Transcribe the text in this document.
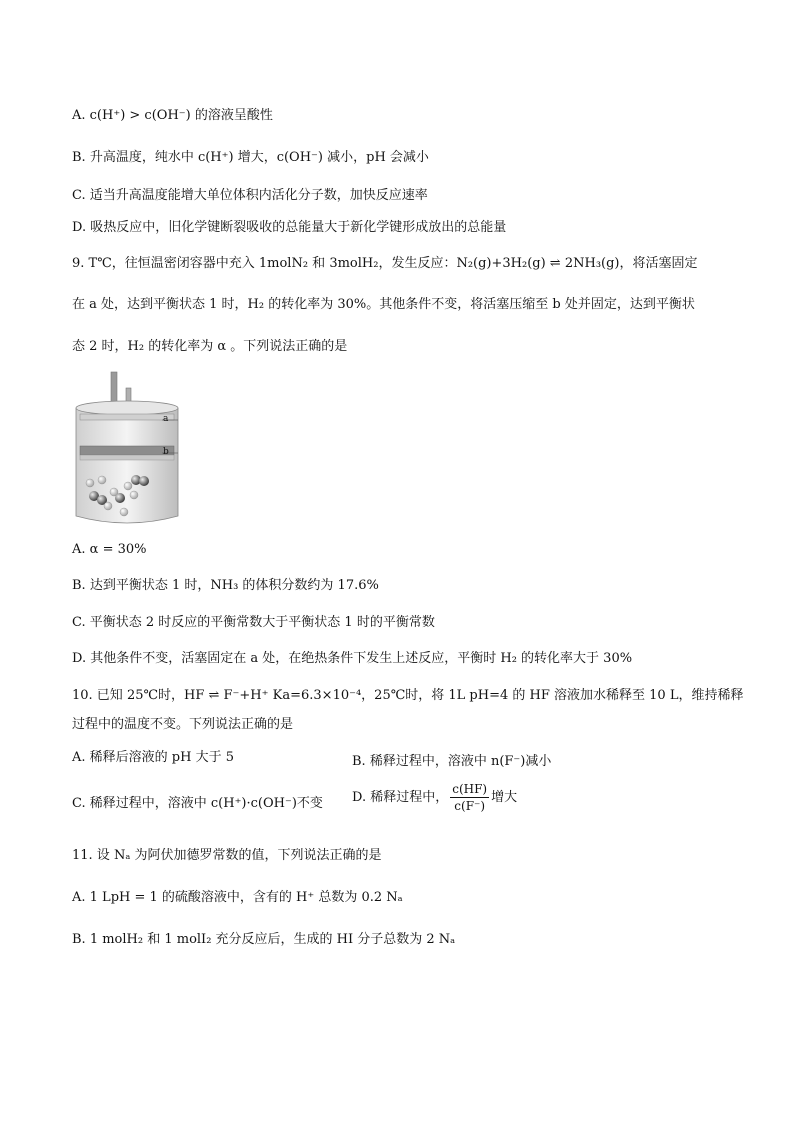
A. c(H⁺) > c(OH⁻) 的溶液呈酸性
B. 升高温度，纯水中 c(H⁺) 增大，c(OH⁻) 减小，pH 会减小
C. 适当升高温度能增大单位体积内活化分子数，加快反应速率
D. 吸热反应中，旧化学键断裂吸收的总能量大于新化学键形成放出的总能量
9. T℃，往恒温密闭容器中充入 1molN₂ 和 3molH₂，发生反应：N₂(g)+3H₂(g) ⇌ 2NH₃(g)，将活塞固定
在 a 处，达到平衡状态 1 时，H₂ 的转化率为 30%。其他条件不变，将活塞压缩至 b 处并固定，达到平衡状
态 2 时，H₂ 的转化率为 α 。下列说法正确的是
a
b
A. α = 30%
B. 达到平衡状态 1 时，NH₃ 的体积分数约为 17.6%
C. 平衡状态 2 时反应的平衡常数大于平衡状态 1 时的平衡常数
D. 其他条件不变，活塞固定在 a 处，在绝热条件下发生上述反应，平衡时 H₂ 的转化率大于 30%
10. 已知 25℃时，HF ⇌ F⁻+H⁺ Ka=6.3×10⁻⁴，25℃时，将 1L pH=4 的 HF 溶液加水稀释至 10 L，维持稀释
过程中的温度不变。下列说法正确的是
A. 稀释后溶液的 pH 大于 5	B. 稀释过程中，溶液中 n(F⁻)减小
C. 稀释过程中，溶液中 c(H⁺)·c(OH⁻)不变 D. 稀释过程中， $\frac{c(HF)}{c(F^-)}$ 增大
11. 设 Nₐ 为阿伏加德罗常数的值，下列说法正确的是
A. 1 LpH = 1 的硫酸溶液中，含有的 H⁺ 总数为 0.2 Nₐ
B. 1 molH₂ 和 1 molI₂ 充分反应后，生成的 HI 分子总数为 2 Nₐ
